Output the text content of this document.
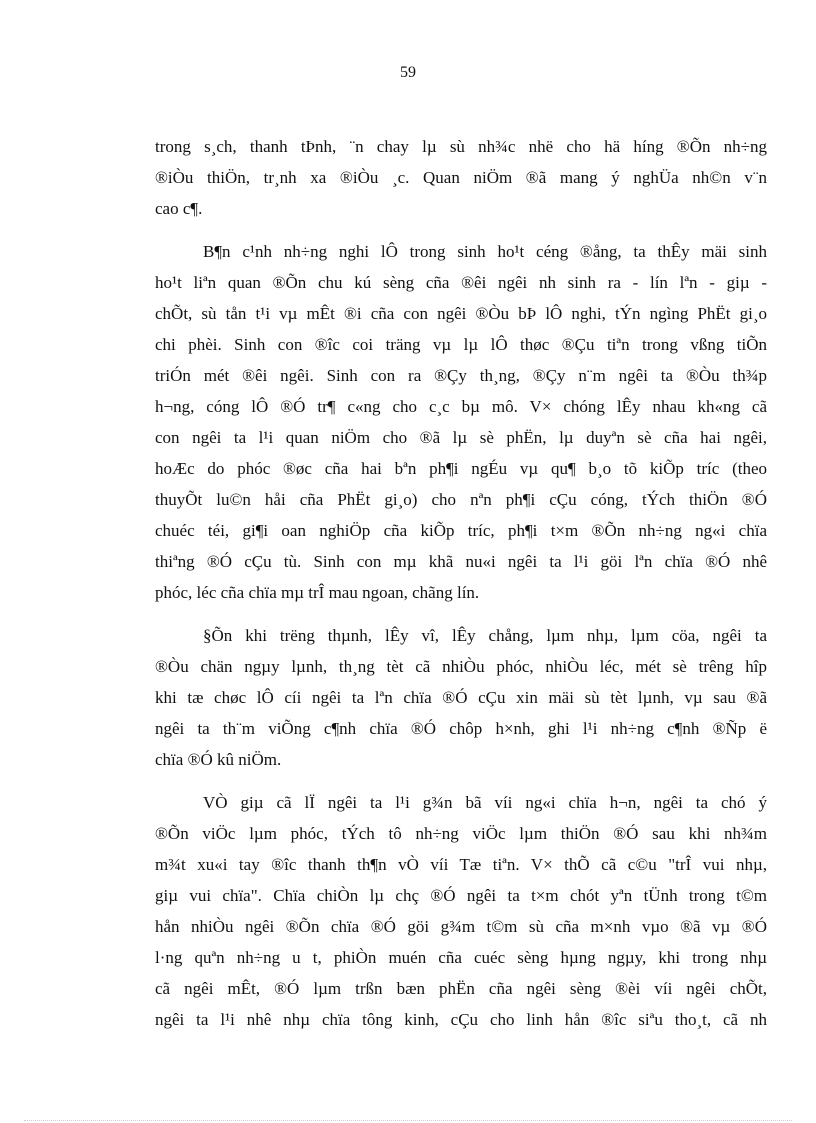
59

trong s¸ch, thanh tÞnh, ¨n chay lµ sù nh¾c nhë cho hä híng ®Õn nh÷ng
®iÒu thiÖn, tr¸nh xa ®iÒu ¸c. Quan niÖm ®ã mang ý nghÜa nh©n v¨n
cao c¶.

B¶n c¹nh nh÷ng nghi lÔ trong sinh ho¹t céng ®ång, ta thÊy mäi sinh
ho¹t liªn quan ®Õn chu kú sèng cña ®êi ngêi nh sinh ra - lín lªn - giµ -
chÕt, sù tån t¹i vµ mÊt ®i cña con ngêi ®Òu bÞ lÔ nghi, tÝn ngìng PhËt gi¸o
chi phèi. Sinh con ®îc coi träng vµ lµ lÔ thøc ®Çu tiªn trong vßng tiÕn
triÓn mét ®êi ngêi. Sinh con ra ®Çy th¸ng, ®Çy n¨m ngêi ta ®Òu th¾p
h¬ng, cóng lÔ ®Ó tr¶ c«ng cho c¸c bµ mô. V× chóng lÊy nhau kh«ng cã
con ngêi ta l¹i quan niÖm cho ®ã lµ sè phËn, lµ duyªn sè cña hai ngêi,
hoÆc do phóc ®øc cña hai bªn ph¶i ngÉu vµ qu¶ b¸o tõ kiÕp tríc (theo
thuyÕt lu©n håi cña PhËt gi¸o) cho nªn ph¶i cÇu cóng, tÝch thiÖn ®Ó
chuéc téi, gi¶i oan nghiÖp cña kiÕp tríc, ph¶i t×m ®Õn nh÷ng ng«i chïa
thiªng ®Ó cÇu tù. Sinh con mµ khã nu«i ngêi ta l¹i göi lªn chïa ®Ó nhê
phóc, léc cña chïa mµ trÎ mau ngoan, chãng lín.

§Õn khi trëng thµnh, lÊy vî, lÊy chång, lµm nhµ, lµm cöa, ngêi ta
®Òu chän ngµy lµnh, th¸ng tèt cã nhiÒu phóc, nhiÒu léc, mét sè trêng hîp
khi tæ chøc lÔ cíi ngêi ta lªn chïa ®Ó cÇu xin mäi sù tèt lµnh, vµ sau ®ã
ngêi ta th¨m viÕng c¶nh chïa ®Ó chôp h×nh, ghi l¹i nh÷ng c¶nh ®Ñp ë
chïa ®Ó kû niÖm.

VÒ giµ cã lÏ ngêi ta l¹i g¾n bã víi ng«i chïa h¬n, ngêi ta chó ý
®Õn viÖc lµm phóc, tÝch tô nh÷ng viÖc lµm thiÖn ®Ó sau khi nh¾m
m¾t xu«i tay ®îc thanh th¶n vÒ víi Tæ tiªn. V× thÕ cã c©u "trÎ vui nhµ,
giµ vui chïa". Chïa chiÒn lµ chç ®Ó ngêi ta t×m chót yªn tÜnh trong t©m
hån nhiÒu ngêi ®Õn chïa ®Ó göi g¾m t©m sù cña m×nh vµo ®ã vµ ®Ó
l·ng quªn nh÷ng u t, phiÒn muén cña cuéc sèng hµng ngµy, khi trong nhµ
cã ngêi mÊt, ®Ó lµm trßn bæn phËn cña ngêi sèng ®èi víi ngêi chÕt,
ngêi ta l¹i nhê nhµ chïa tông kinh, cÇu cho linh hån ®îc siªu tho¸t, cã nh
